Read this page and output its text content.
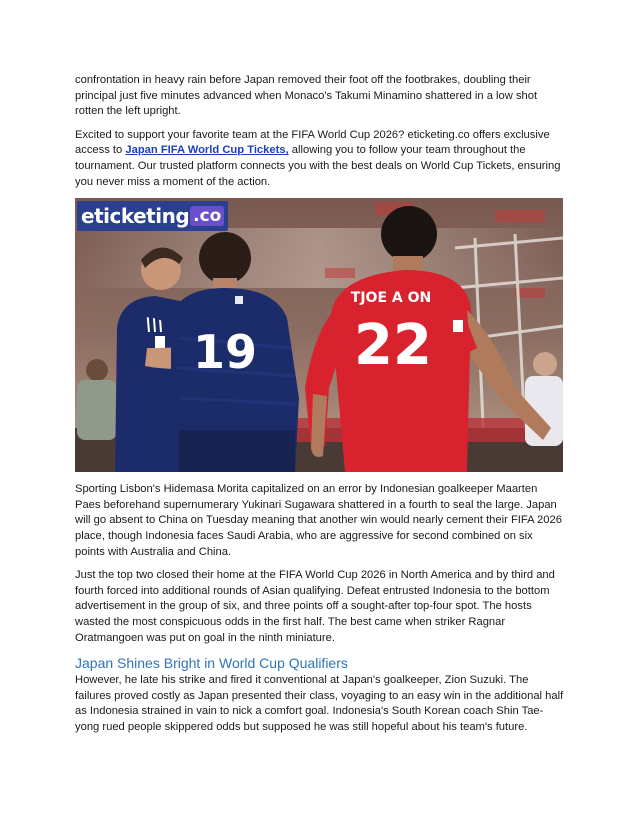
confrontation in heavy rain before Japan removed their foot off the footbrakes, doubling their principal just five minutes advanced when Monaco's Takumi Minamino shattered in a low shot rotten the left upright.

Excited to support your favorite team at the FIFA World Cup 2026? eticketing.co offers exclusive access to Japan FIFA World Cup Tickets, allowing you to follow your team throughout the tournament. Our trusted platform connects you with the best deals on World Cup Tickets, ensuring you never miss a moment of the action.

19
TJOE A ON
22
eticketing .co

Sporting Lisbon's Hidemasa Morita capitalized on an error by Indonesian goalkeeper Maarten Paes beforehand supernumerary Yukinari Sugawara shattered in a fourth to seal the large. Japan will go absent to China on Tuesday meaning that another win would nearly cement their FIFA 2026 place, though Indonesia faces Saudi Arabia, who are aggressive for second combined on six points with Australia and China.

Just the top two closed their home at the FIFA World Cup 2026 in North America and by third and fourth forced into additional rounds of Asian qualifying. Defeat entrusted Indonesia to the bottom advertisement in the group of six, and three points off a sought-after top-four spot. The hosts wasted the most conspicuous odds in the first half. The best came when striker Ragnar Oratmangoen was put on goal in the ninth miniature.

Japan Shines Bright in World Cup Qualifiers

However, he late his strike and fired it conventional at Japan's goalkeeper, Zion Suzuki. The failures proved costly as Japan presented their class, voyaging to an easy win in the additional half as Indonesia strained in vain to nick a comfort goal. Indonesia's South Korean coach Shin Tae-yong rued people skippered odds but supposed he was still hopeful about his team's future.
